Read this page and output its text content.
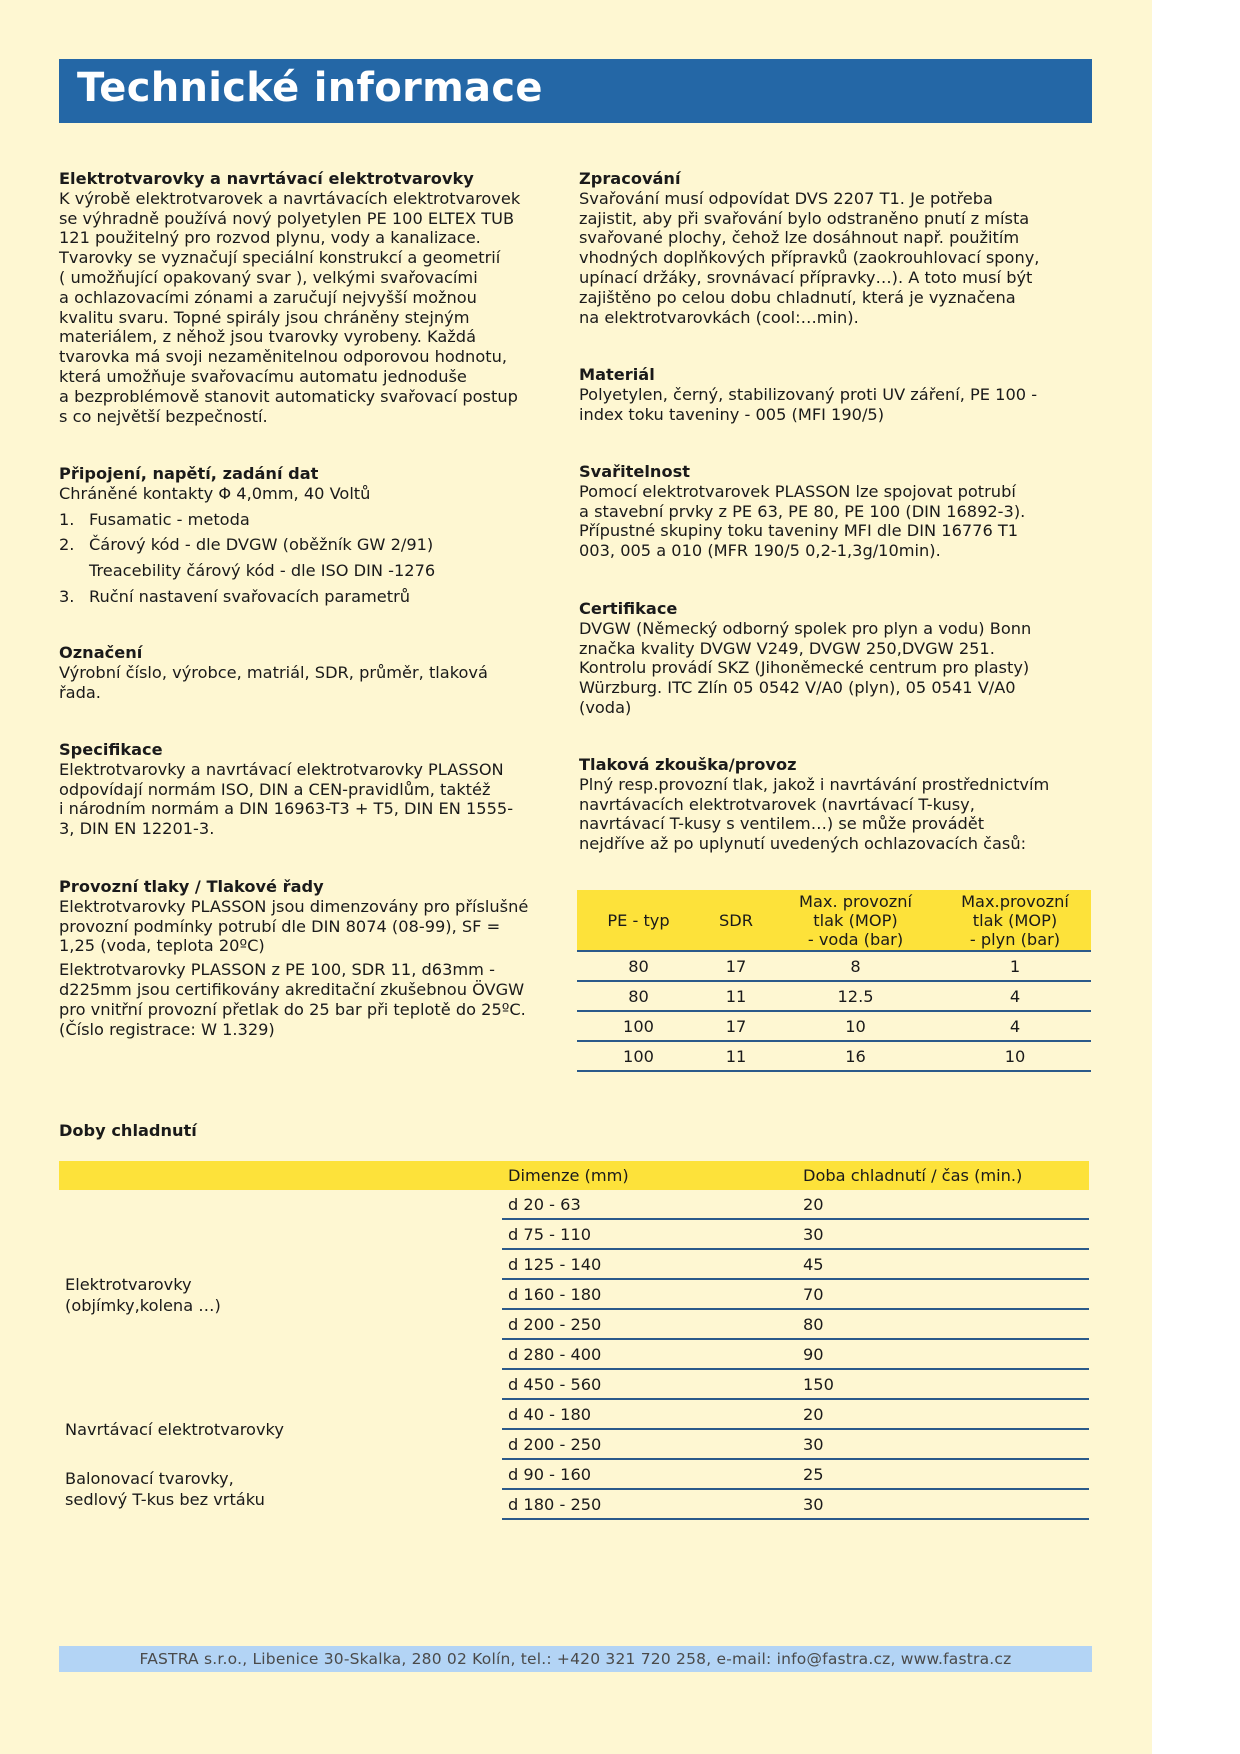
Technické informace
Elektrotvarovky a navrtávací elektrotvarovky

K výrobě elektrotvarovek a navrtávacích elektrotvarovek
se výhradně používá nový polyetylen PE 100 ELTEX TUB
121 použitelný pro rozvod plynu, vody a kanalizace.
Tvarovky se vyznačují speciální konstrukcí a geometrií
( umožňující opakovaný svar ), velkými svařovacími
a ochlazovacími zónami a zaručují nejvyšší možnou
kvalitu svaru. Topné spirály jsou chráněny stejným
materiálem, z něhož jsou tvarovky vyrobeny. Každá
tvarovka má svoji nezaměnitelnou odporovou hodnotu,
která umožňuje svařovacímu automatu jednoduše
a bezproblémově stanovit automaticky svařovací postup
s co největší bezpečností.

Připojení, napětí, zadání dat

Chráněné kontakty Φ 4,0mm, 40 Voltů

1. Fusamatic - metoda
2. Čárový kód - dle DVGW (oběžník GW 2/91)
Treacebility čárový kód - dle ISO DIN -1276
3. Ruční nastavení svařovacích parametrů
Označení

Výrobní číslo, výrobce, matriál, SDR, průměr, tlaková
řada.

Specifikace

Elektrotvarovky a navrtávací elektrotvarovky PLASSON
odpovídají normám ISO, DIN a CEN-pravidlům, taktéž
i národním normám a DIN 16963-T3 + T5, DIN EN 1555-
3, DIN EN 12201-3.

Provozní tlaky / Tlakové řady

Elektrotvarovky PLASSON jsou dimenzovány pro příslušné
provozní podmínky potrubí dle DIN 8074 (08-99), SF =
1,25 (voda, teplota 20ºC)

Elektrotvarovky PLASSON z PE 100, SDR 11, d63mm -
d225mm jsou certifikovány akreditační zkušebnou ÖVGW
pro vnitřní provozní přetlak do 25 bar při teplotě do 25ºC.
(Číslo registrace: W 1.329)

Zpracování

Svařování musí odpovídat DVS 2207 T1. Je potřeba
zajistit, aby při svařování bylo odstraněno pnutí z místa
svařované plochy, čehož lze dosáhnout např. použitím
vhodných doplňkových přípravků (zaokrouhlovací spony,
upínací držáky, srovnávací přípravky…). A toto musí být
zajištěno po celou dobu chladnutí, která je vyznačena
na elektrotvarovkách (cool:…min).

Materiál

Polyetylen, černý, stabilizovaný proti UV záření, PE 100 -
index toku taveniny - 005 (MFI 190/5)

Svařitelnost

Pomocí elektrotvarovek PLASSON lze spojovat potrubí
a stavební prvky z PE 63, PE 80, PE 100 (DIN 16892-3).
Přípustné skupiny toku taveniny MFI dle DIN 16776 T1
003, 005 a 010 (MFR 190/5 0,2-1,3g/10min).

Certifikace

DVGW (Německý odborný spolek pro plyn a vodu) Bonn
značka kvality DVGW V249, DVGW 250,DVGW 251.
Kontrolu provádí SKZ (Jihoněmecké centrum pro plasty)
Würzburg. ITC Zlín 05 0542 V/A0 (plyn), 05 0541 V/A0
(voda)

Tlaková zkouška/provoz

Plný resp.provozní tlak, jakož i navrtávání prostřednictvím
navrtávacích elektrotvarovek (navrtávací T-kusy,
navrtávací T-kusy s ventilem…) se může provádět
nejdříve až po uplynutí uvedených ochlazovacích časů:

PE - typ	SDR	Max. provozní
tlak (MOP)
- voda (bar)	Max.provozní
tlak (MOP)
- plyn (bar)
80	17	8	1
80	11	12.5	4
100	17	10	4
100	11	16	10
Doby chladnutí
	Dimenze (mm)	Doba chladnutí / čas (min.)
Elektrotvarovky
(objímky,kolena …)	d 20 - 63	20
	d 75 - 110	30
	d 125 - 140	45
	d 160 - 180	70
	d 200 - 250	80
	d 280 - 400	90
	d 450 - 560	150
Navrtávací elektrotvarovky	d 40 - 180	20
	d 200 - 250	30
Balonovací tvarovky,
sedlový T-kus bez vrtáku	d 90 - 160	25
	d 180 - 250	30
FASTRA s.r.o., Libenice 30‑Skalka, 280 02 Kolín, tel.: +420 321 720 258, e-mail: info@fastra.cz, www.fastra.cz
